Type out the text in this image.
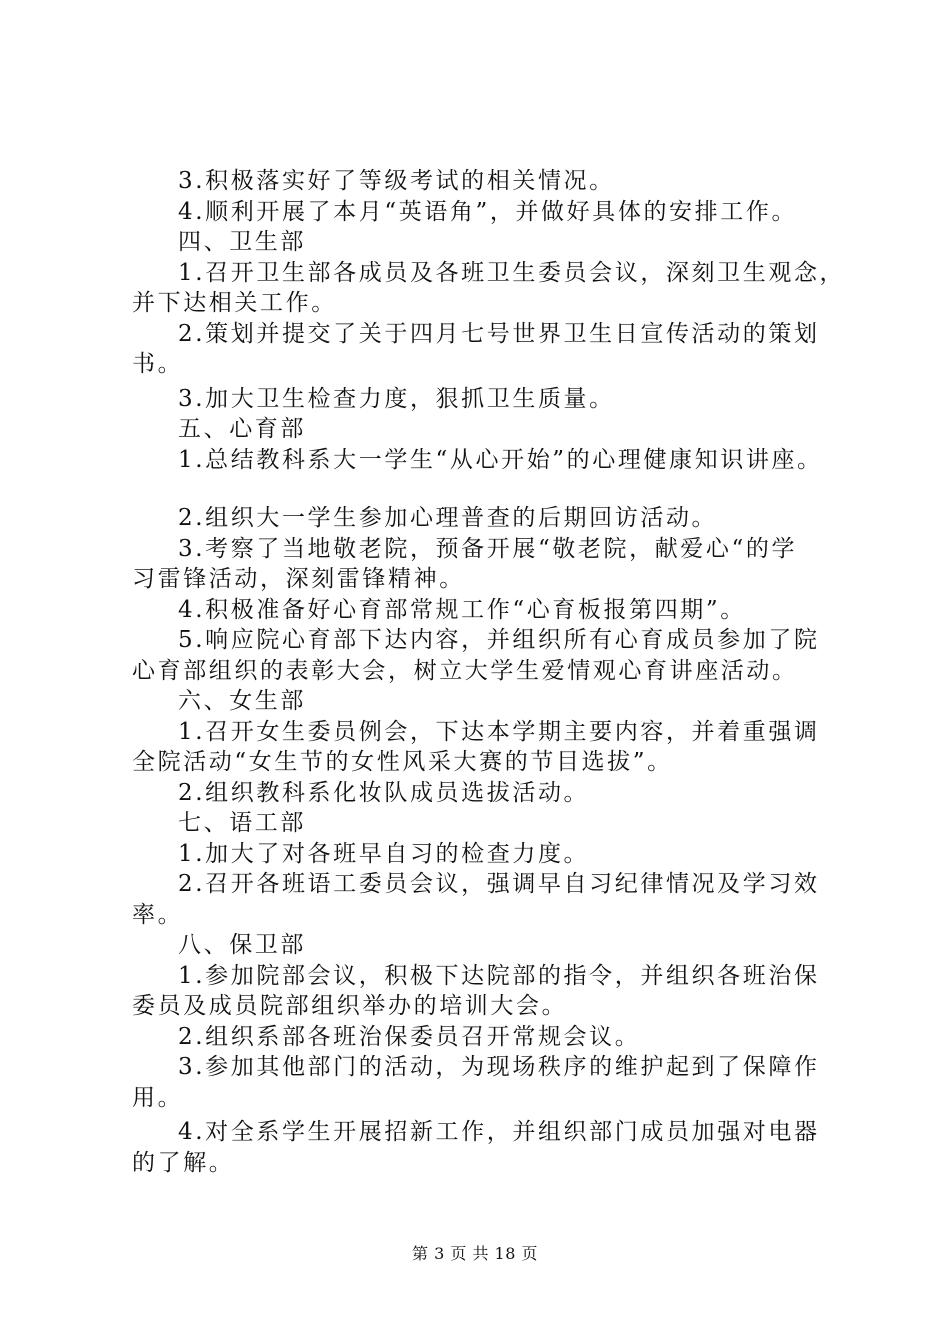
3.积极落实好了等级考试的相关情况。
4.顺利开展了本月“英语角”，并做好具体的安排工作。
四、卫生部
1.召开卫生部各成员及各班卫生委员会议，深刻卫生观念，
并下达相关工作。
2.策划并提交了关于四月七号世界卫生日宣传活动的策划
书。
3.加大卫生检查力度，狠抓卫生质量。
五、心育部
1.总结教科系大一学生“从心开始”的心理健康知识讲座。
2.组织大一学生参加心理普查的后期回访活动。
3.考察了当地敬老院，预备开展“敬老院，献爱心“的学
习雷锋活动，深刻雷锋精神。
4.积极准备好心育部常规工作“心育板报第四期”。
5.响应院心育部下达内容，并组织所有心育成员参加了院
心育部组织的表彰大会，树立大学生爱情观心育讲座活动。
六、女生部
1.召开女生委员例会，下达本学期主要内容，并着重强调
全院活动“女生节的女性风采大赛的节目选拔”。
2.组织教科系化妆队成员选拔活动。
七、语工部
1.加大了对各班早自习的检查力度。
2.召开各班语工委员会议，强调早自习纪律情况及学习效
率。
八、保卫部
1.参加院部会议，积极下达院部的指令，并组织各班治保
委员及成员院部组织举办的培训大会。
2.组织系部各班治保委员召开常规会议。
3.参加其他部门的活动，为现场秩序的维护起到了保障作
用。
4.对全系学生开展招新工作，并组织部门成员加强对电器
的了解。
第 3 页 共 18 页
